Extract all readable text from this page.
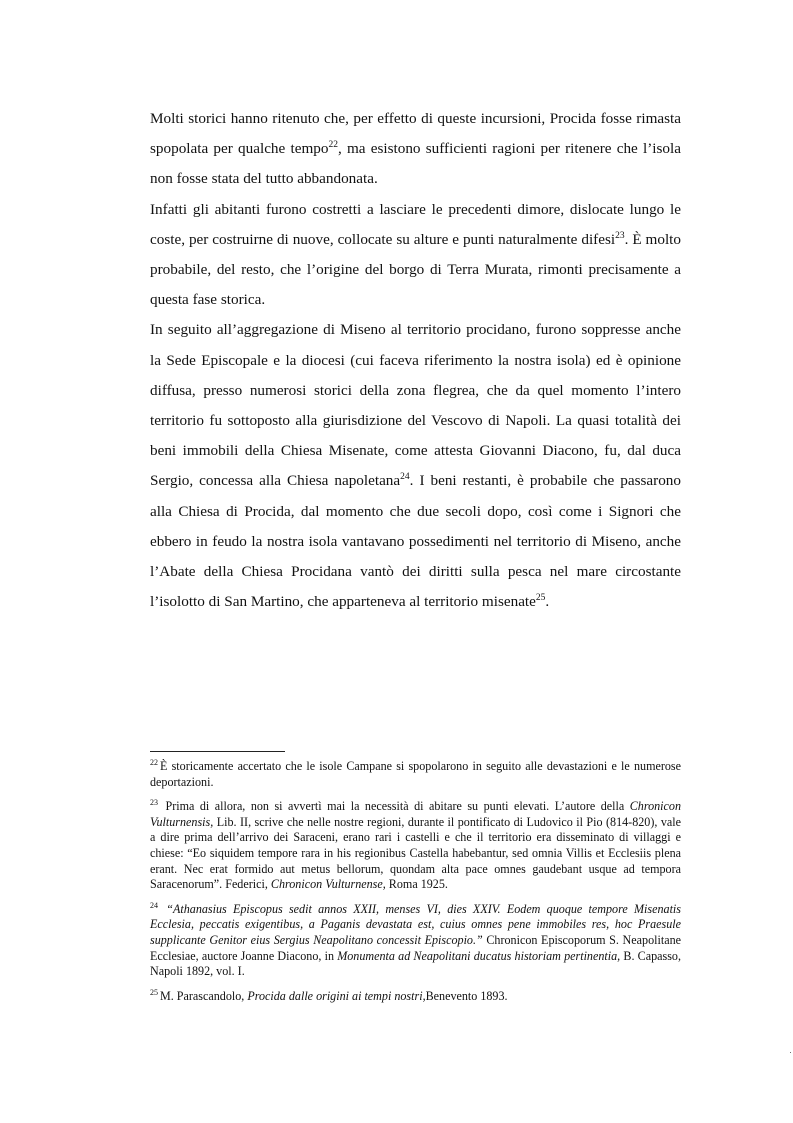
Molti storici hanno ritenuto che, per effetto di queste incursioni, Procida fosse rimasta spopolata per qualche tempo$^{22}$, ma esistono sufficienti ragioni per ritenere che l’isola non fosse stata del tutto abbandonata.

Infatti gli abitanti furono costretti a lasciare le precedenti dimore, dislocate lungo le coste, per costruirne di nuove, collocate su alture e punti naturalmente difesi$^{23}$. È molto probabile, del resto, che l’origine del borgo di Terra Murata, rimonti precisamente a questa fase storica.

In seguito all’aggregazione di Miseno al territorio procidano, furono soppresse anche la Sede Episcopale e la diocesi (cui faceva riferimento la nostra isola) ed è opinione diffusa, presso numerosi storici della zona flegrea, che da quel momento l’intero territorio fu sottoposto alla giurisdizione del Vescovo di Napoli. La quasi totalità dei beni immobili della Chiesa Misenate, come attesta Giovanni Diacono, fu, dal duca Sergio, concessa alla Chiesa napoletana$^{24}$. I beni restanti, è probabile che passarono alla Chiesa di Procida, dal momento che due secoli dopo, così come i Signori che ebbero in feudo la nostra isola vantavano possedimenti nel territorio di Miseno, anche l’Abate della Chiesa Procidana vantò dei diritti sulla pesca nel mare circostante l’isolotto di San Martino, che apparteneva al territorio misenate$^{25}$.

$^{22}$ È storicamente accertato che le isole Campane si spopolarono in seguito alle devastazioni e le numerose deportazioni.

$^{23}$ Prima di allora, non si avvertì mai la necessità di abitare su punti elevati. L’autore della Chronicon Vulturnensis, Lib. II, scrive che nelle nostre regioni, durante il pontificato di Ludovico il Pio (814-820), vale a dire prima dell’arrivo dei Saraceni, erano rari i castelli e che il territorio era disseminato di villaggi e chiese: “Eo siquidem tempore rara in his regionibus Castella habebantur, sed omnia Villis et Ecclesiis plena erant. Nec erat formido aut metus bellorum, quondam alta pace omnes gaudebant usque ad tempora Saracenorum”. Federici, Chronicon Vulturnense, Roma 1925.

$^{24}$ “Athanasius Episcopus sedit annos XXII, menses VI, dies XXIV. Eodem quoque tempore Misenatis Ecclesia, peccatis exigentibus, a Paganis devastata est, cuius omnes pene immobiles res, hoc Praesule supplicante Genitor eius Sergius Neapolitano concessit Episcopio.” Chronicon Episcoporum S. Neapolitane Ecclesiae, auctore Joanne Diacono, in Monumenta ad Neapolitani ducatus historiam pertinentia, B. Capasso, Napoli 1892, vol. I.

$^{25}$ M. Parascandolo, Procida dalle origini ai tempi nostri,Benevento 1893.

·
